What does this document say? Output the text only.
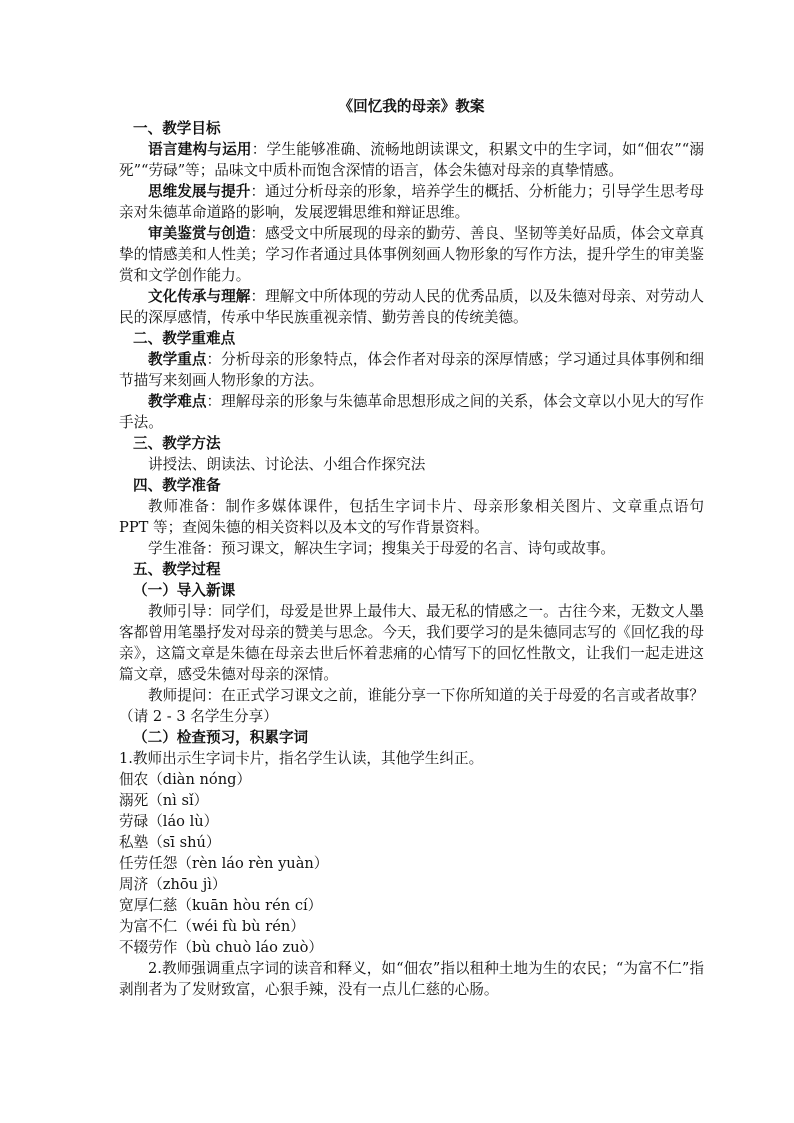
《回忆我的母亲》教案
一、教学目标
语言建构与运用：学生能够准确、流畅地朗读课文，积累文中的生字词，如“佃农”“溺死”“劳碌”等；品味文中质朴而饱含深情的语言，体会朱德对母亲的真挚情感。
思维发展与提升：通过分析母亲的形象，培养学生的概括、分析能力；引导学生思考母亲对朱德革命道路的影响，发展逻辑思维和辩证思维。
审美鉴赏与创造：感受文中所展现的母亲的勤劳、善良、坚韧等美好品质，体会文章真挚的情感美和人性美；学习作者通过具体事例刻画人物形象的写作方法，提升学生的审美鉴赏和文学创作能力。
文化传承与理解：理解文中所体现的劳动人民的优秀品质，以及朱德对母亲、对劳动人民的深厚感情，传承中华民族重视亲情、勤劳善良的传统美德。
二、教学重难点
教学重点：分析母亲的形象特点，体会作者对母亲的深厚情感；学习通过具体事例和细节描写来刻画人物形象的方法。
教学难点：理解母亲的形象与朱德革命思想形成之间的关系，体会文章以小见大的写作手法。
三、教学方法
讲授法、朗读法、讨论法、小组合作探究法
四、教学准备
教师准备：制作多媒体课件，包括生字词卡片、母亲形象相关图片、文章重点语句 PPT 等；查阅朱德的相关资料以及本文的写作背景资料。
学生准备：预习课文，解决生字词；搜集关于母爱的名言、诗句或故事。
五、教学过程
（一）导入新课
教师引导：同学们，母爱是世界上最伟大、最无私的情感之一。古往今来，无数文人墨客都曾用笔墨抒发对母亲的赞美与思念。今天，我们要学习的是朱德同志写的《回忆我的母亲》，这篇文章是朱德在母亲去世后怀着悲痛的心情写下的回忆性散文，让我们一起走进这篇文章，感受朱德对母亲的深情。
教师提问：在正式学习课文之前，谁能分享一下你所知道的关于母爱的名言或者故事？（请 2 - 3 名学生分享）
（二）检查预习，积累字词
1.教师出示生字词卡片，指名学生认读，其他学生纠正。
佃农（diàn nóng）
溺死（nì sǐ）
劳碌（láo lù）
私塾（sī shú）
任劳任怨（rèn láo rèn yuàn）
周济（zhōu jì）
宽厚仁慈（kuān hòu rén cí）
为富不仁（wéi fù bù rén）
不辍劳作（bù chuò láo zuò）
2.教师强调重点字词的读音和释义，如“佃农”指以租种土地为生的农民；“为富不仁”指剥削者为了发财致富，心狠手辣，没有一点儿仁慈的心肠。
